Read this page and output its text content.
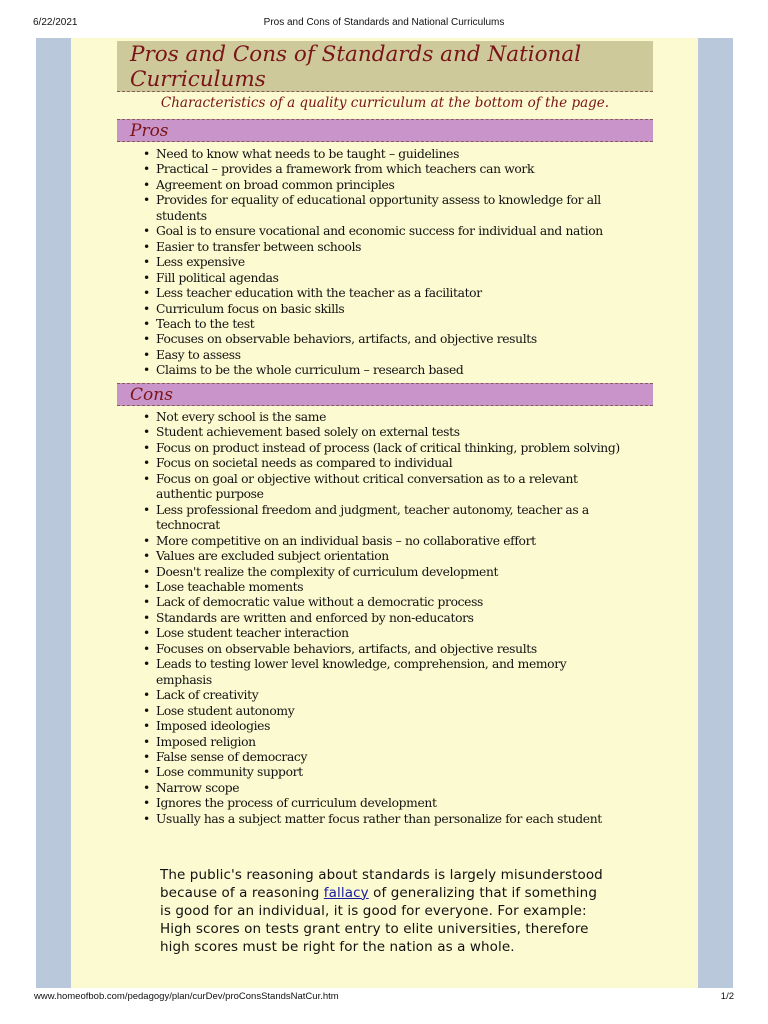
6/22/2021	Pros and Cons of Standards and National Curriculums
Pros and Cons of Standards and National Curriculums
Characteristics of a quality curriculum at the bottom of the page.
Pros
• Need to know what needs to be taught – guidelines
• Practical – provides a framework from which teachers can work
• Agreement on broad common principles
• Provides for equality of educational opportunity assess to knowledge for all students
• Goal is to ensure vocational and economic success for individual and nation
• Easier to transfer between schools
• Less expensive
• Fill political agendas
• Less teacher education with the teacher as a facilitator
• Curriculum focus on basic skills
• Teach to the test
• Focuses on observable behaviors, artifacts, and objective results
• Easy to assess
• Claims to be the whole curriculum – research based
Cons
• Not every school is the same
• Student achievement based solely on external tests
• Focus on product instead of process (lack of critical thinking, problem solving)
• Focus on societal needs as compared to individual
• Focus on goal or objective without critical conversation as to a relevant authentic purpose
• Less professional freedom and judgment, teacher autonomy, teacher as a technocrat
• More competitive on an individual basis – no collaborative effort
• Values are excluded subject orientation
• Doesn't realize the complexity of curriculum development
• Lose teachable moments
• Lack of democratic value without a democratic process
• Standards are written and enforced by non-educators
• Lose student teacher interaction
• Focuses on observable behaviors, artifacts, and objective results
• Leads to testing lower level knowledge, comprehension, and memory emphasis
• Lack of creativity
• Lose student autonomy
• Imposed ideologies
• Imposed religion
• False sense of democracy
• Lose community support
• Narrow scope
• Ignores the process of curriculum development
• Usually has a subject matter focus rather than personalize for each student

The public's reasoning about standards is largely misunderstood because of a reasoning fallacy of generalizing that if something is good for an individual, it is good for everyone. For example: High scores on tests grant entry to elite universities, therefore high scores must be right for the nation as a whole.

www.homeofbob.com/pedagogy/plan/curDev/proConsStandsNatCur.htm	1/2
